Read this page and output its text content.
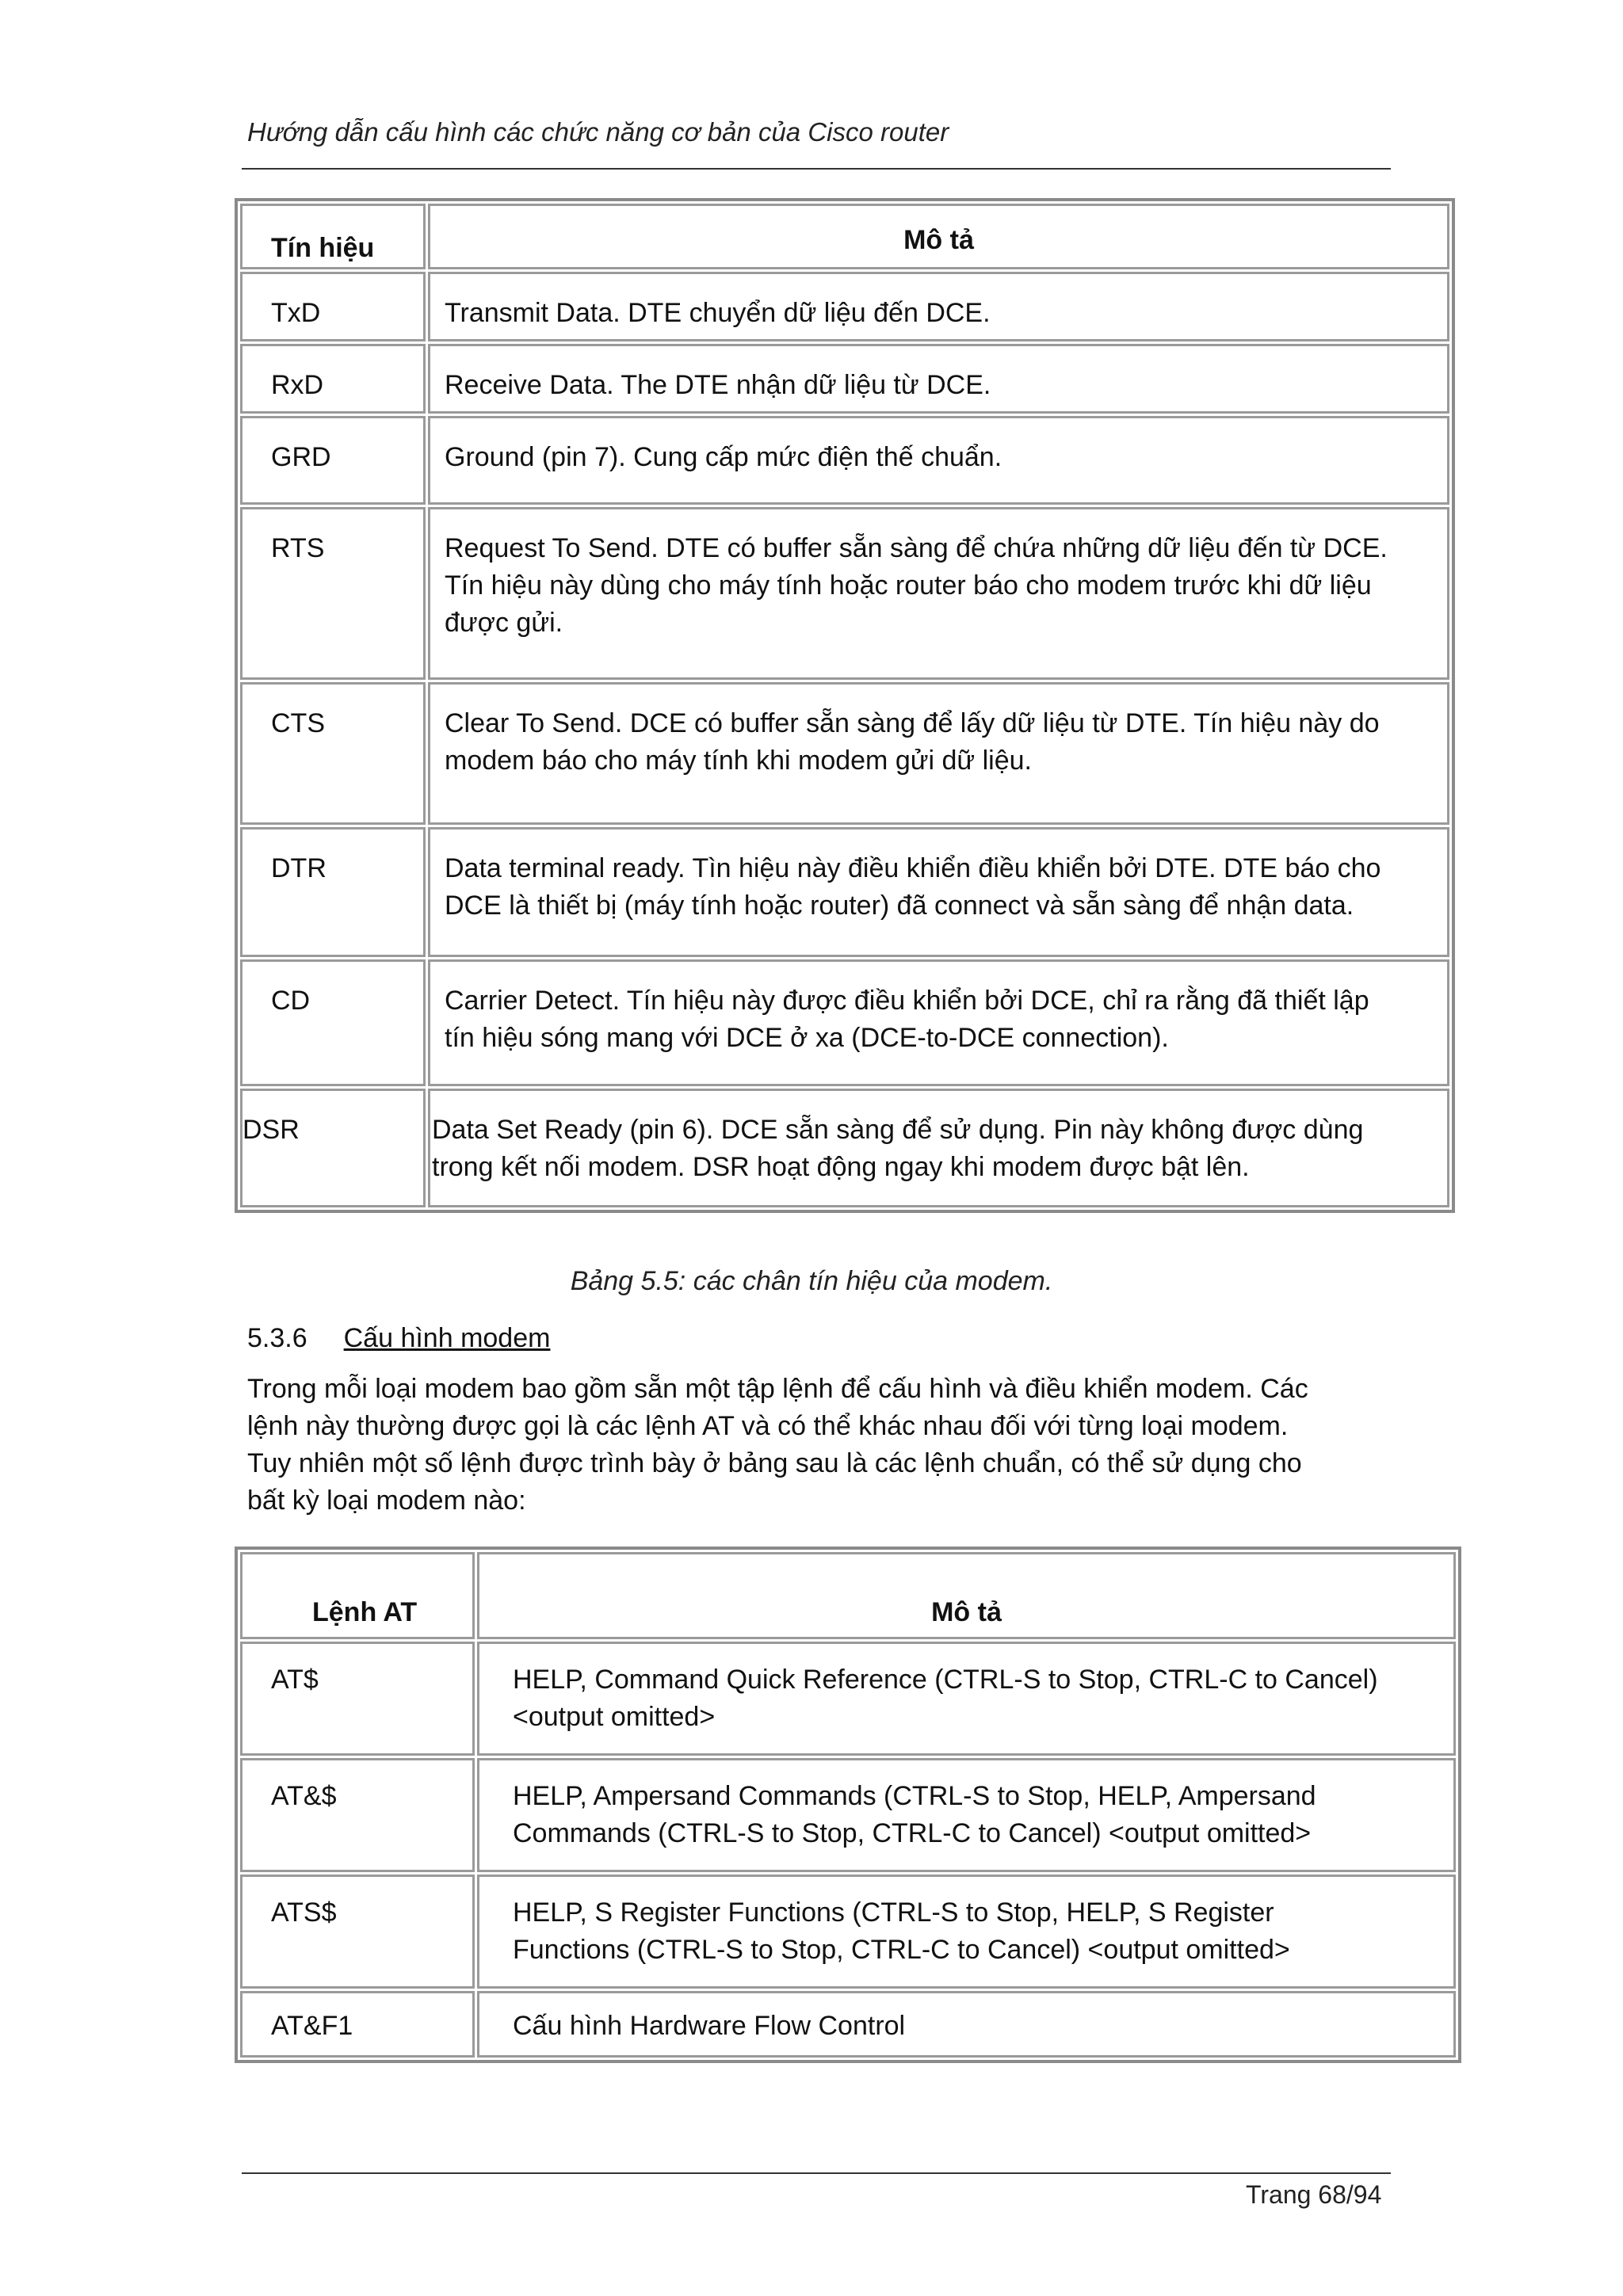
Hướng dẫn cấu hình các chức năng cơ bản của Cisco router
Tín hiệu	Mô tả
TxD	Transmit Data. DTE chuyển dữ liệu đến DCE.

RxD	Receive Data. The DTE nhận dữ liệu từ DCE.

GRD	Ground (pin 7). Cung cấp mức điện thế chuẩn.

RTS	Request To Send. DTE có buffer sẵn sàng để chứa những dữ liệu đến từ DCE.
Tín hiệu này dùng cho máy tính hoặc router báo cho modem trước khi dữ liệu
được gửi.

CTS	Clear To Send. DCE có buffer sẵn sàng để lấy dữ liệu từ DTE. Tín hiệu này do
modem báo cho máy tính khi modem gửi dữ liệu.

DTR	Data terminal ready. Tìn hiệu này điều khiển điều khiển bởi DTE. DTE báo cho
DCE là thiết bị (máy tính hoặc router) đã connect và sẵn sàng để nhận data.

CD	Carrier Detect. Tín hiệu này được điều khiển bởi DCE, chỉ ra rằng đã thiết lập
tín hiệu sóng mang với DCE ở xa (DCE-to-DCE connection).

DSR	Data Set Ready (pin 6). DCE sẵn sàng để sử dụng. Pin này không được dùng
trong kết nối modem. DSR hoạt động ngay khi modem được bật lên.
Bảng 5.5: các chân tín hiệu của modem.
5.3.6 Cấu hình modem
Trong mỗi loại modem bao gồm sẵn một tập lệnh để cấu hình và điều khiển modem. Các
lệnh này thường được gọi là các lệnh AT và có thể khác nhau đối với từng loại modem.
Tuy nhiên một số lệnh được trình bày ở bảng sau là các lệnh chuẩn, có thể sử dụng cho
bất kỳ loại modem nào:
Lệnh AT	Mô tả
AT$	HELP, Command Quick Reference (CTRL-S to Stop, CTRL-C to Cancel)
<output omitted>

AT&$	HELP, Ampersand Commands (CTRL-S to Stop, HELP, Ampersand
Commands (CTRL-S to Stop, CTRL-C to Cancel) <output omitted>

ATS$	HELP, S Register Functions (CTRL-S to Stop, HELP, S Register
Functions (CTRL-S to Stop, CTRL-C to Cancel) <output omitted>

AT&F1	Cấu hình Hardware Flow Control
Trang 68/94
